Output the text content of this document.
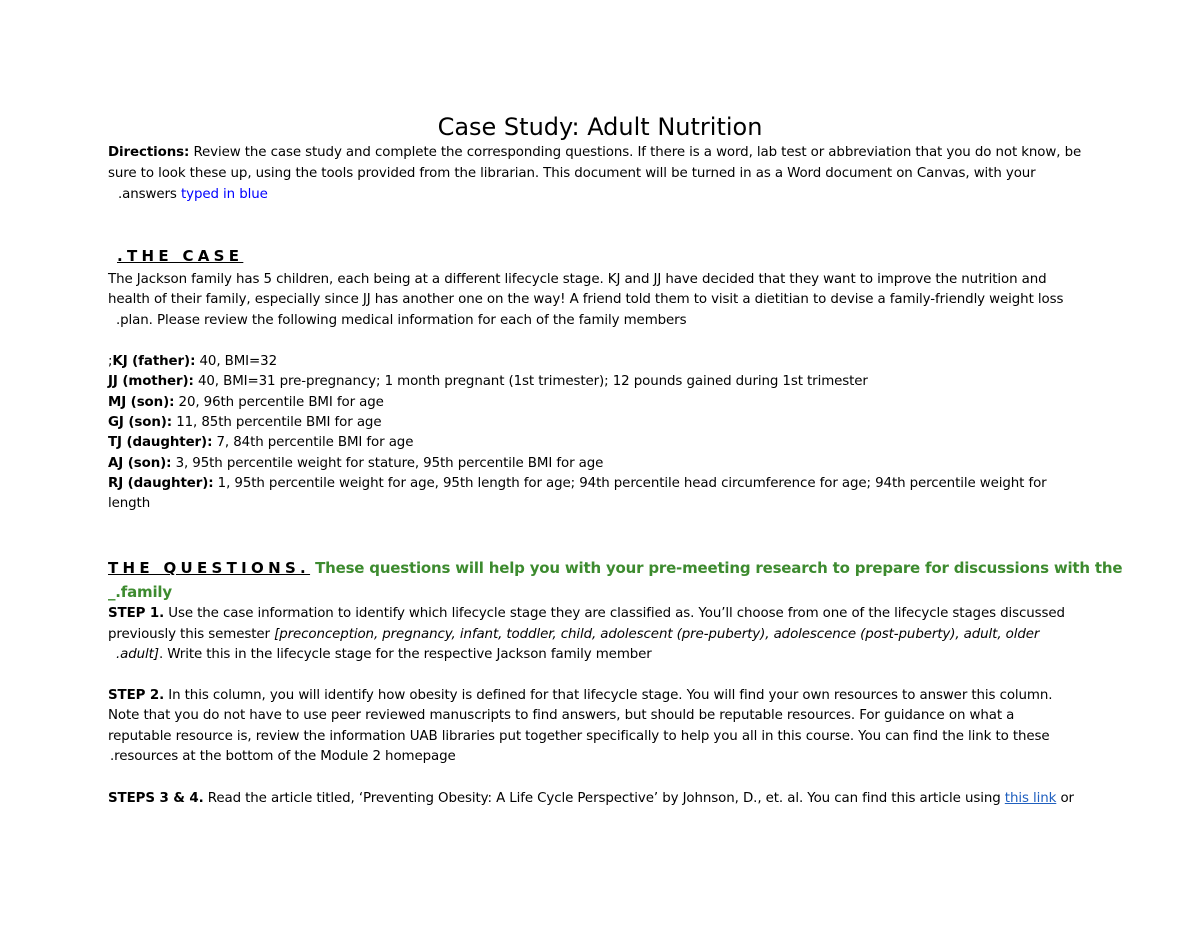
Case Study: Adult Nutrition
Directions: Review the case study and complete the corresponding questions. If there is a word, lab test or abbreviation that you do not know, be
sure to look these up, using the tools provided from the librarian. This document will be turned in as a Word document on Canvas, with your
.answers typed in blue
.THE CASE
The Jackson family has 5 children, each being at a different lifecycle stage. KJ and JJ have decided that they want to improve the nutrition and
health of their family, especially since JJ has another one on the way! A friend told them to visit a dietitian to devise a family-friendly weight loss
.plan. Please review the following medical information for each of the family members
;KJ (father): 40, BMI=32
JJ (mother): 40, BMI=31 pre-pregnancy; 1 month pregnant (1st trimester); 12 pounds gained during 1st trimester
MJ (son): 20, 96th percentile BMI for age
GJ (son): 11, 85th percentile BMI for age
TJ (daughter): 7, 84th percentile BMI for age
AJ (son): 3, 95th percentile weight for stature, 95th percentile BMI for age
RJ (daughter): 1, 95th percentile weight for age, 95th length for age; 94th percentile head circumference for age; 94th percentile weight for
length
THE QUESTIONS. These questions will help you with your pre-meeting research to prepare for discussions with the
_.family
STEP 1. Use the case information to identify which lifecycle stage they are classified as. You’ll choose from one of the lifecycle stages discussed
previously this semester [preconception, pregnancy, infant, toddler, child, adolescent (pre-puberty), adolescence (post-puberty), adult, older
.adult]. Write this in the lifecycle stage for the respective Jackson family member
STEP 2. In this column, you will identify how obesity is defined for that lifecycle stage. You will find your own resources to answer this column.
Note that you do not have to use peer reviewed manuscripts to find answers, but should be reputable resources. For guidance on what a
reputable resource is, review the information UAB libraries put together specifically to help you all in this course. You can find the link to these
.resources at the bottom of the Module 2 homepage
STEPS 3 & 4. Read the article titled, ‘Preventing Obesity: A Life Cycle Perspective’ by Johnson, D., et. al. You can find this article using this link or
